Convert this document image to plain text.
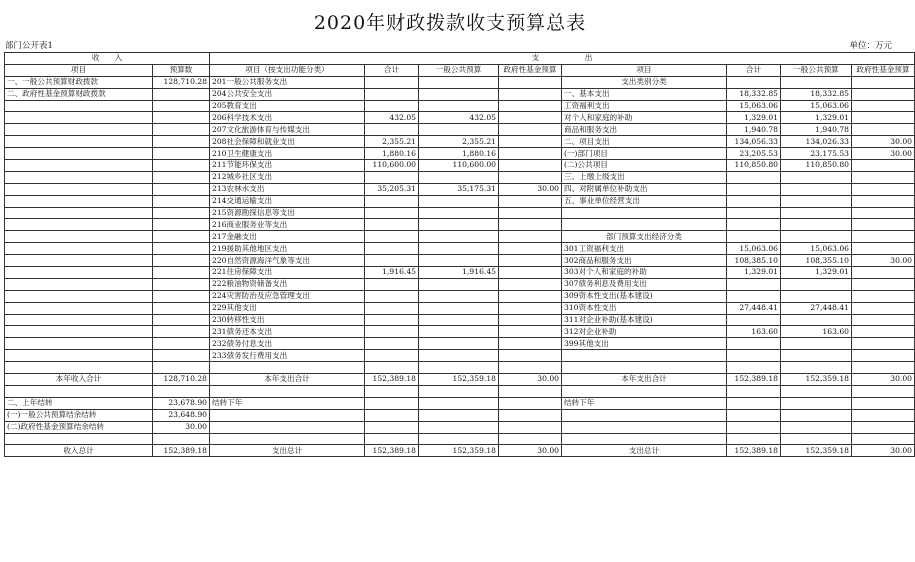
2020年财政拨款收支预算总表
部门公开表1	单位：万元
收　　入		支　　　　　　出							
项目	预算数	项目（按支出功能分类）	合计	一般公共预算	政府性基金预算	项目	合计	一般公共预算	政府性基金预算
一、一般公共预算财政拨款	128,710.28	201一般公共服务支出				支出类别分类			
二、政府性基金预算财政拨款		204公共安全支出				一、基本支出	18,332.85	18,332.85	
		205教育支出				工资福利支出	15,063.06	15,063.06	
		206科学技术支出	432.05	432.05		对个人和家庭的补助	1,329.01	1,329.01	
		207文化旅游体育与传媒支出				商品和服务支出	1,940.78	1,940.78	
		208社会保障和就业支出	2,355.21	2,355.21		二、项目支出	134,056.33	134,026.33	30.00
		210卫生健康支出	1,880.16	1,880.16		(一)部门项目	23,205.53	23,175.53	30.00
		211节能环保支出	110,600.00	110,600.00		(二)公共项目	110,850.80	110,850.80	
		212城乡社区支出				三、上缴上级支出			
		213农林水支出	35,205.31	35,175.31	30.00	四、对附属单位补助支出			
		214交通运输支出				五、事业单位经营支出			
		215资源勘探信息等支出							
		216商业服务业等支出							
		217金融支出				部门预算支出经济分类			
		219援助其他地区支出				301工资福利支出	15,063.06	15,063.06	
		220自然资源海洋气象等支出				302商品和服务支出	108,385.10	108,355.10	30.00
		221住房保障支出	1,916.45	1,916.45		303对个人和家庭的补助	1,329.01	1,329.01	
		222粮油物资储备支出				307债务利息及费用支出			
		224灾害防治及应急管理支出				309资本性支出(基本建设)			
		229其他支出				310资本性支出	27,448.41	27,448.41	
		230转移性支出				311对企业补助(基本建设)			
		231债务还本支出				312对企业补助	163.60	163.60	
		232债务付息支出				399其他支出			
		233债务发行费用支出							

本年收入合计	128,710.28	本年支出合计	152,389.18	152,359.18	30.00	本年支出合计	152,389.18	152,359.18	30.00

二、上年结转	23,678.90	结转下年				结转下年			
(一)一般公共预算结余结转	23,648.90								
(二)政府性基金预算结余结转	30.00								

收入总计	152,389.18	支出总计	152,389.18	152,359.18	30.00	支出总计	152,389.18	152,359.18	30.00
